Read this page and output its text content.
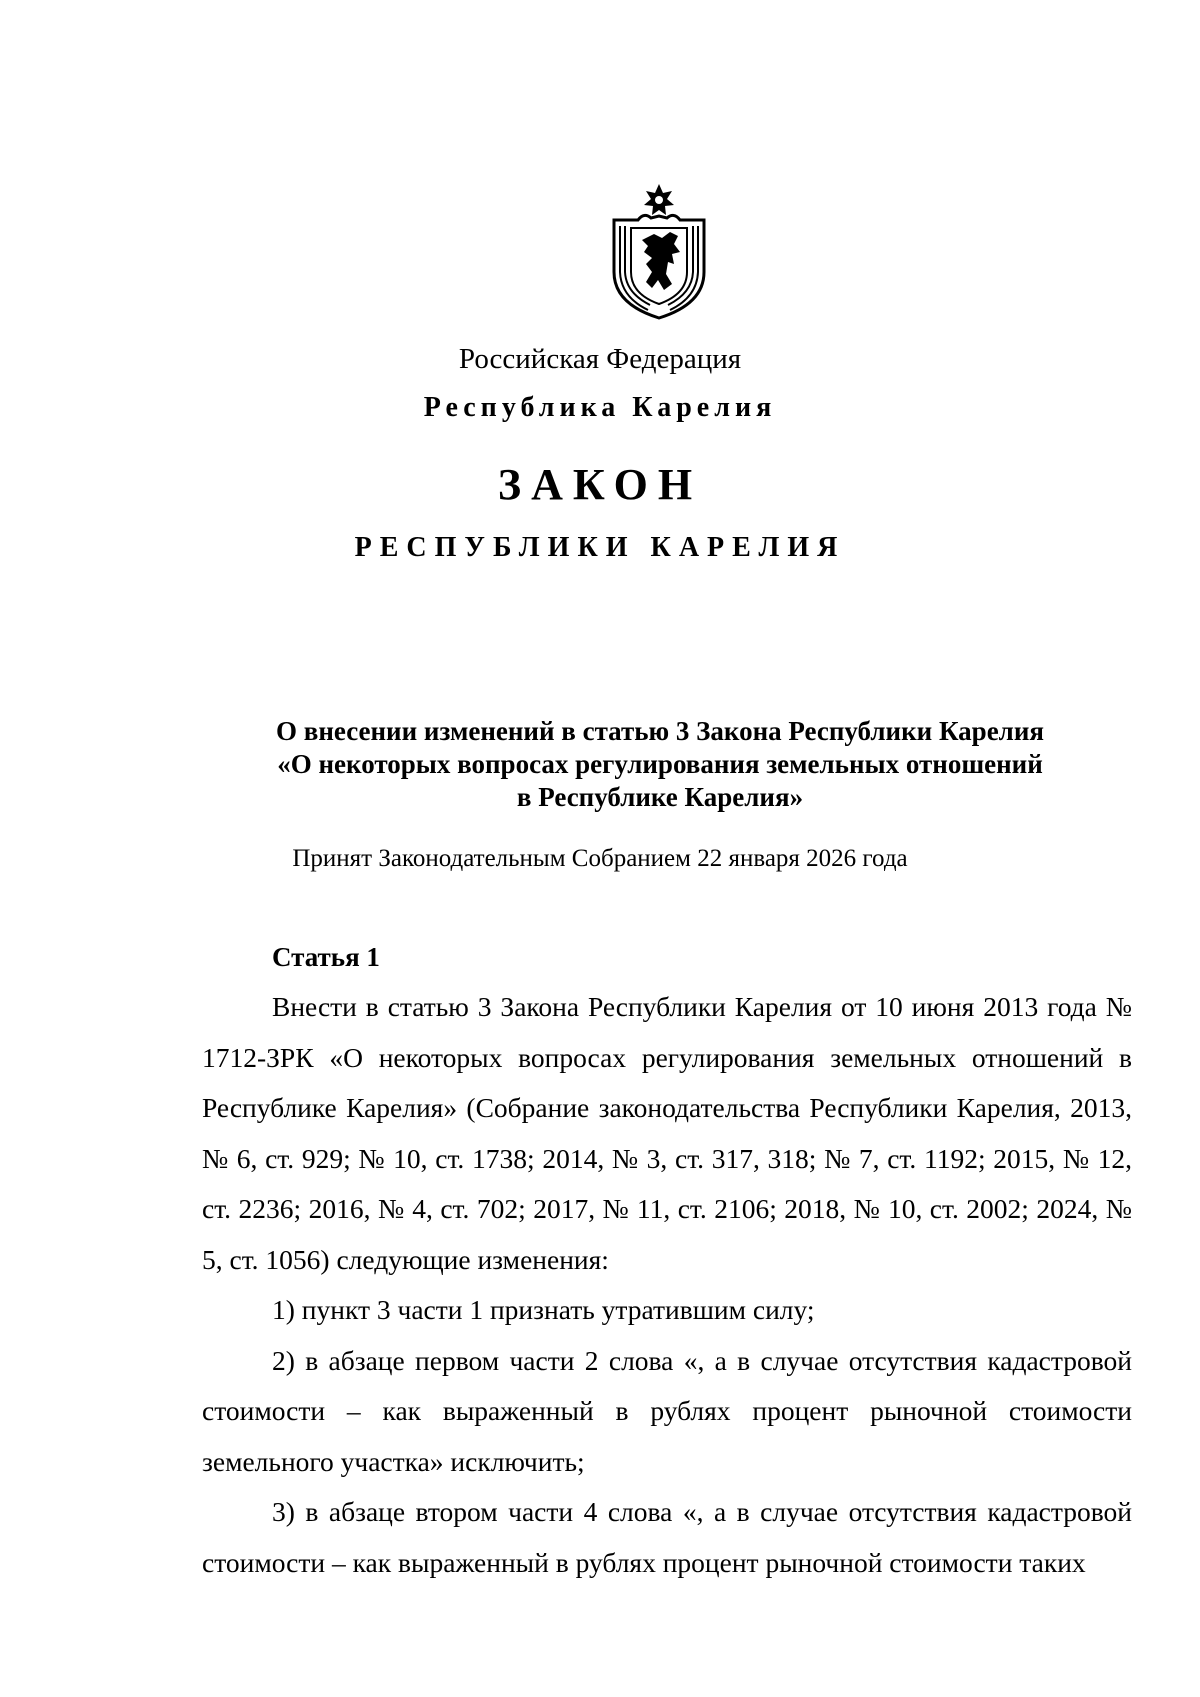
Российская Федерация
Республика Карелия
ЗАКОН
РЕСПУБЛИКИ КАРЕЛИЯ
О внесении изменений в статью 3 Закона Республики Карелия
«О некоторых вопросах регулирования земельных отношений
в Республике Карелия»
Принят Законодательным Собранием 22 января 2026 года
Статья 1

Внести в статью 3 Закона Республики Карелия от 10 июня 2013 года № 1712-ЗРК «О некоторых вопросах регулирования земельных отношений в Республике Карелия» (Собрание законодательства Республики Карелия, 2013, № 6, ст. 929; № 10, ст. 1738; 2014, № 3, ст. 317, 318; № 7, ст. 1192; 2015, № 12, ст. 2236; 2016, № 4, ст. 702; 2017, № 11, ст. 2106; 2018, № 10, ст. 2002; 2024, № 5, ст. 1056) следующие изменения:

1) пункт 3 части 1 признать утратившим силу;

2) в абзаце первом части 2 слова «, а в случае отсутствия кадастровой стоимости – как выраженный в рублях процент рыночной стоимости земельного участка» исключить;

3) в абзаце втором части 4 слова «, а в случае отсутствия кадастровой стоимости – как выраженный в рублях процент рыночной стоимости таких
